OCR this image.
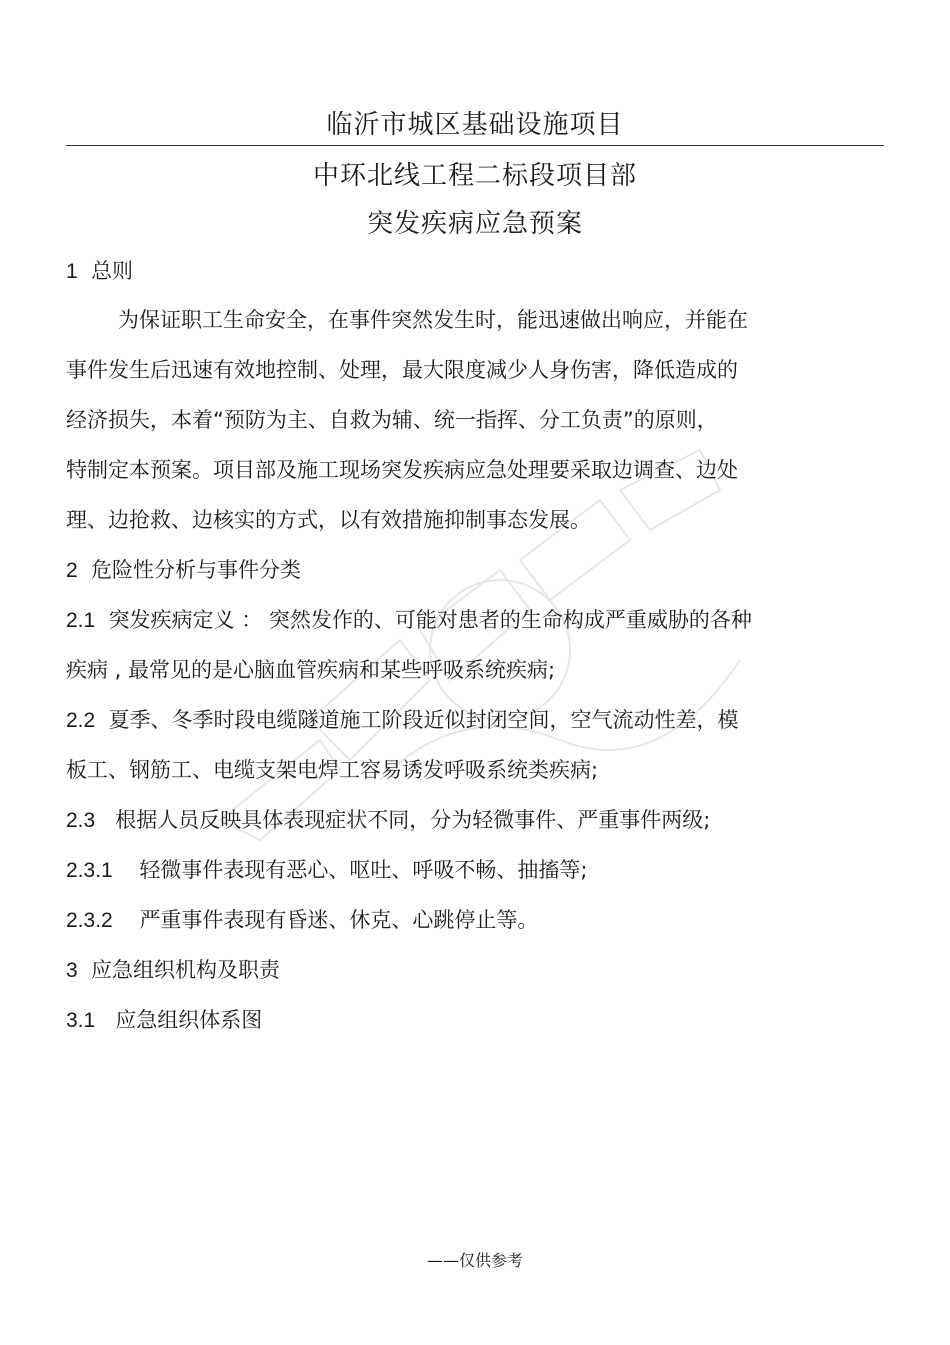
临沂市城区基础设施项目
中环北线工程二标段项目部
突发疾病应急预案
1 总则
为保证职工生命安全，在事件突然发生时，能迅速做出响应，并能在
事件发生后迅速有效地控制、处理，最大限度减少人身伤害，降低造成的
经济损失，本着“预防为主、自救为辅、统一指挥、分工负责”的原则，
特制定本预案。项目部及施工现场突发疾病应急处理要采取边调查、边处
理、边抢救、边核实的方式，以有效措施抑制事态发展。
2 危险性分析与事件分类
2.1 突发疾病定义 ： 突然发作的、可能对患者的生命构成严重威胁的各种
疾病 , 最常见的是心脑血管疾病和某些呼吸系统疾病;
2.2 夏季、冬季时段电缆隧道施工阶段近似封闭空间，空气流动性差，模
板工、钢筋工、电缆支架电焊工容易诱发呼吸系统类疾病;
2.3 根据人员反映具体表现症状不同，分为轻微事件、严重事件两级;
2.3.1 轻微事件表现有恶心、呕吐、呼吸不畅、抽搐等;
2.3.2 严重事件表现有昏迷、休克、心跳停止等。
3 应急组织机构及职责
3.1 应急组织体系图
——仅供参考
